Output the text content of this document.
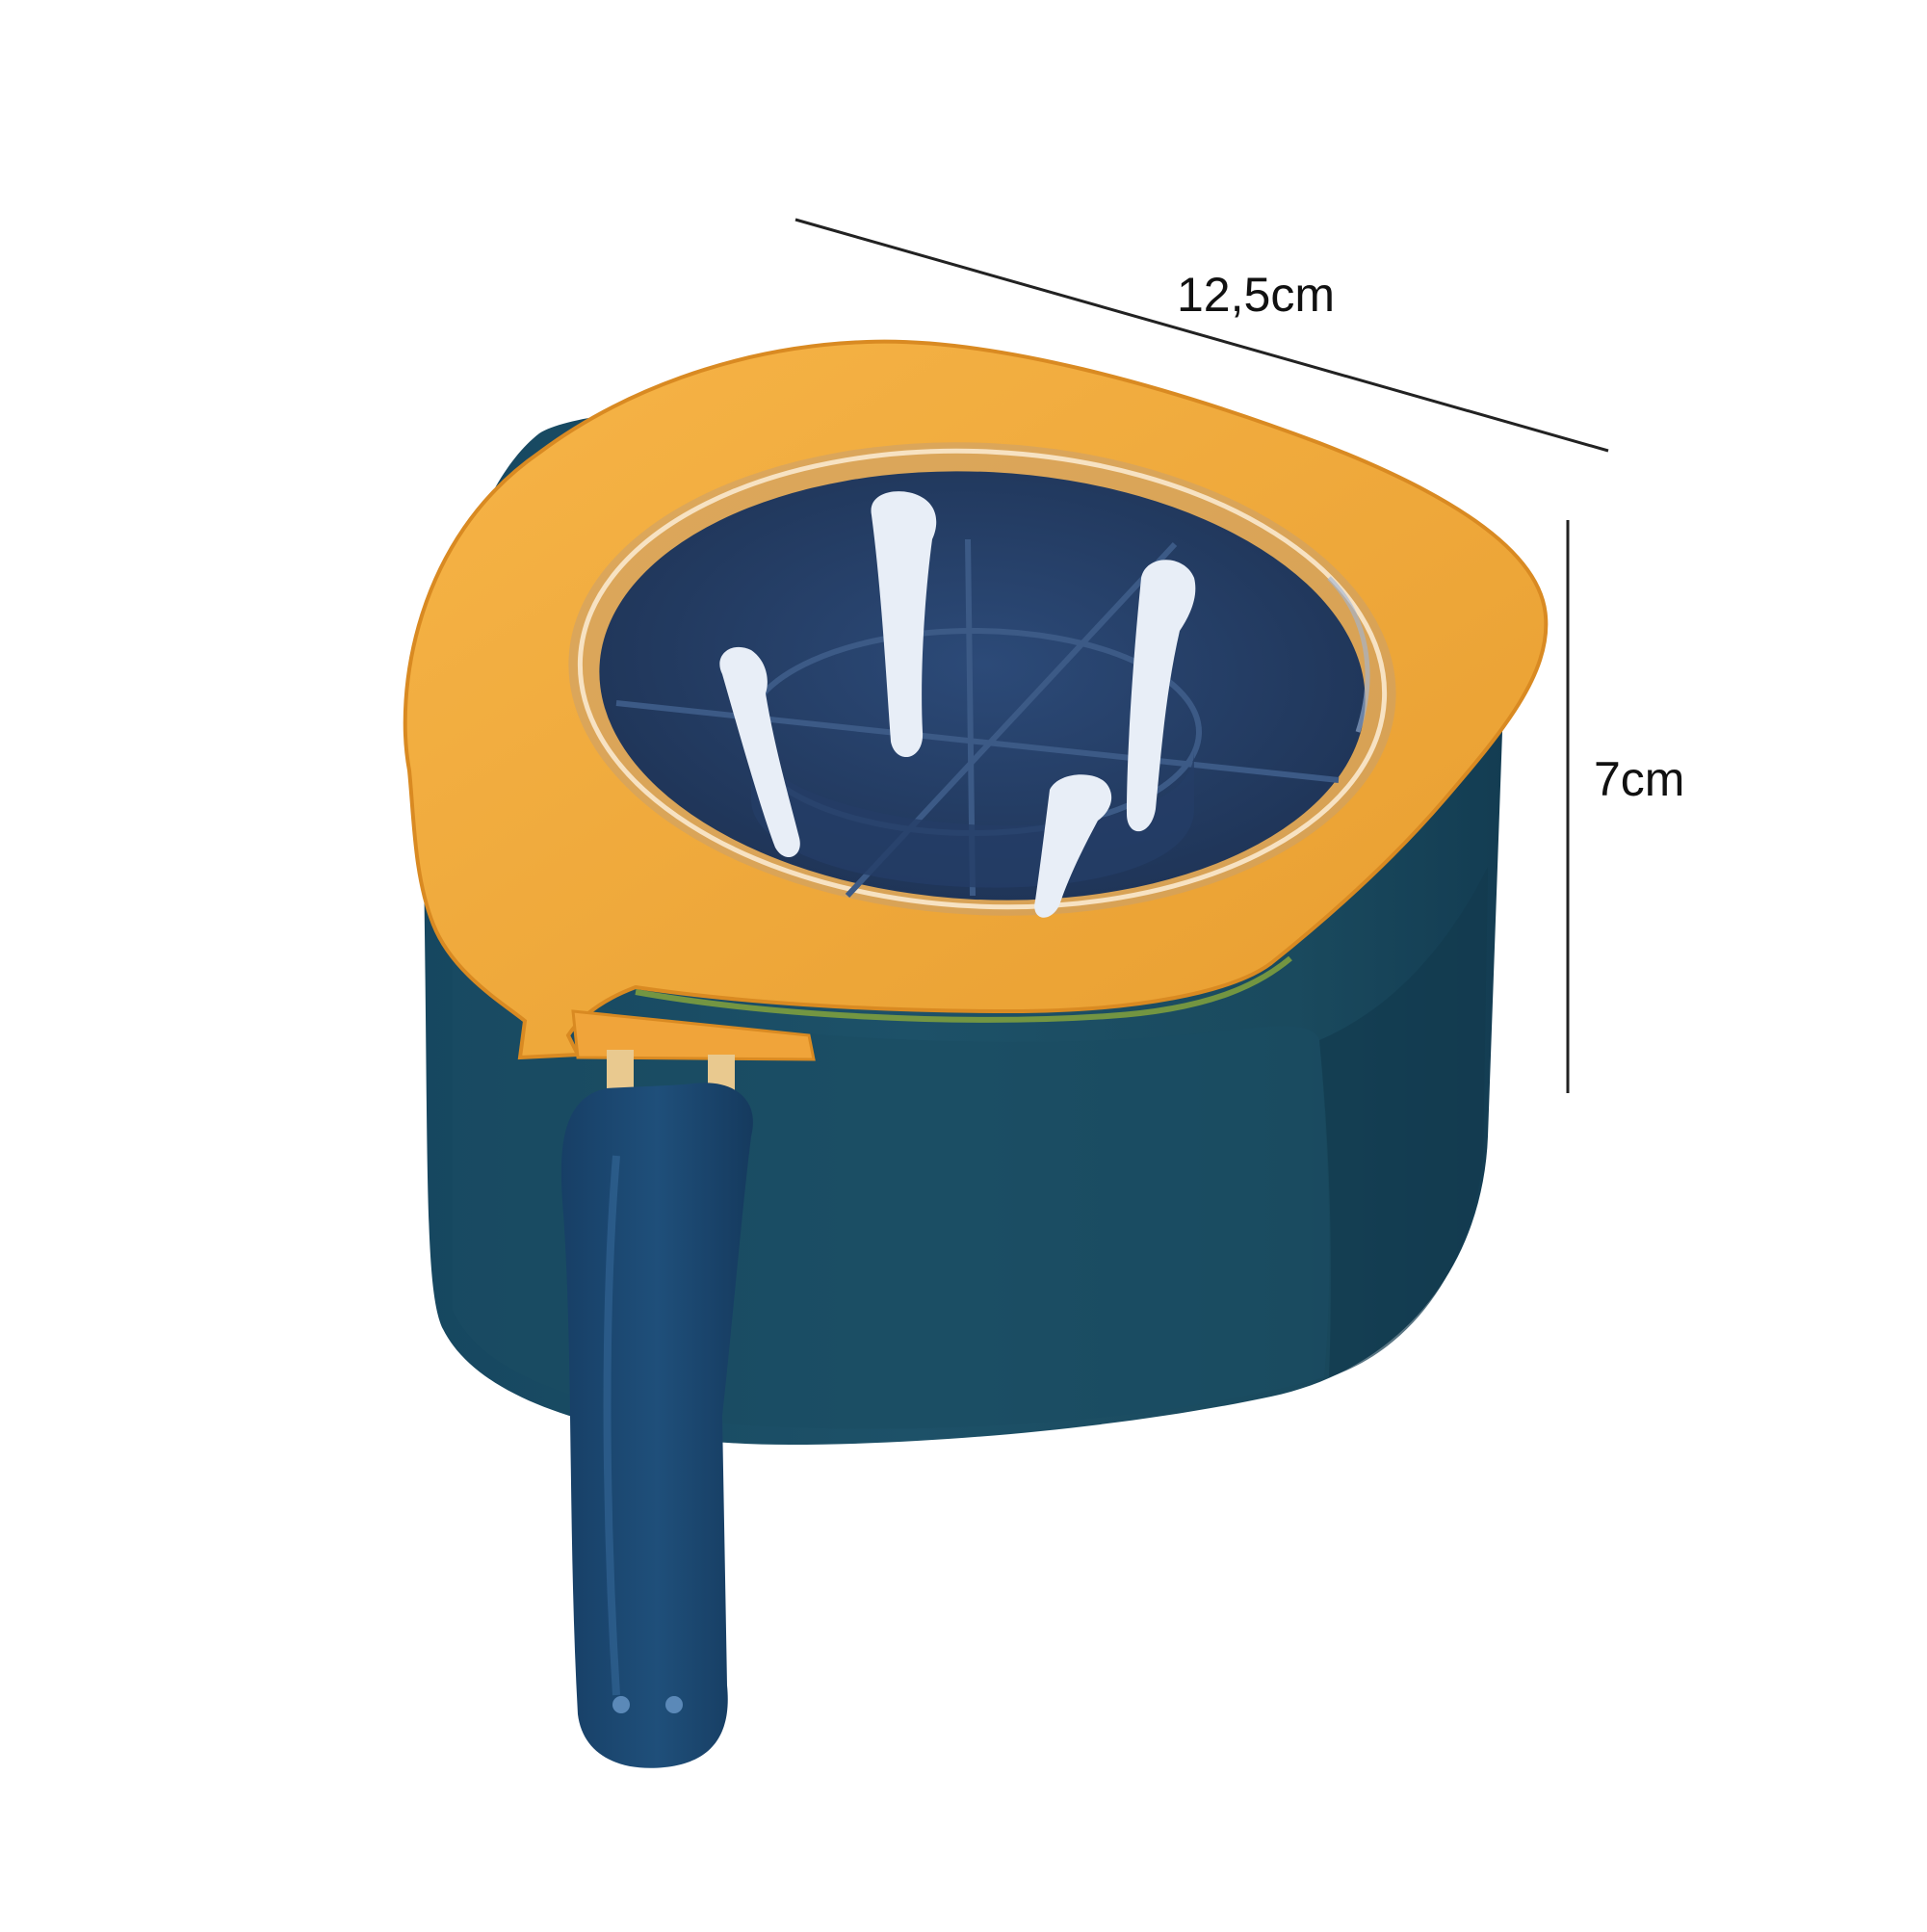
12,5cm
7cm
